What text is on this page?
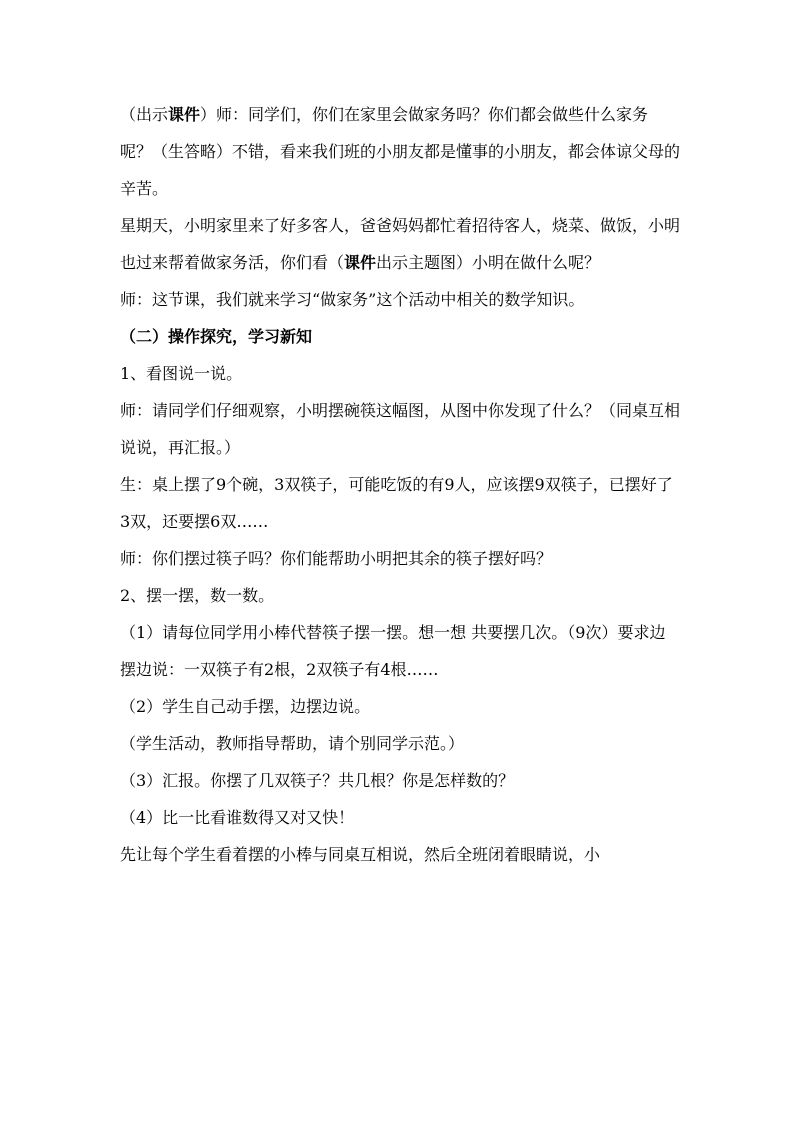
（出示课件）师：同学们，你们在家里会做家务吗？你们都会做些什么家务呢？（生答略）不错，看来我们班的小朋友都是懂事的小朋友，都会体谅父母的辛苦。

星期天，小明家里来了好多客人，爸爸妈妈都忙着招待客人，烧菜、做饭，小明也过来帮着做家务活，你们看（课件出示主题图）小明在做什么呢？

师：这节课，我们就来学习“做家务”这个活动中相关的数学知识。

（二）操作探究，学习新知

1、看图说一说。

师：请同学们仔细观察，小明摆碗筷这幅图，从图中你发现了什么？（同桌互相说说，再汇报。）

生：桌上摆了9个碗，3双筷子，可能吃饭的有9人，应该摆9双筷子，已摆好了3双，还要摆6双……

师：你们摆过筷子吗？你们能帮助小明把其余的筷子摆好吗？

2、摆一摆，数一数。

（1）请每位同学用小棒代替筷子摆一摆。想一想 共要摆几次。（9次）要求边摆边说：一双筷子有2根，2双筷子有4根……

（2）学生自己动手摆，边摆边说。

（学生活动，教师指导帮助，请个别同学示范。）

（3）汇报。你摆了几双筷子？共几根？你是怎样数的？

（4）比一比看谁数得又对又快！

先让每个学生看着摆的小棒与同桌互相说，然后全班闭着眼睛说，小
